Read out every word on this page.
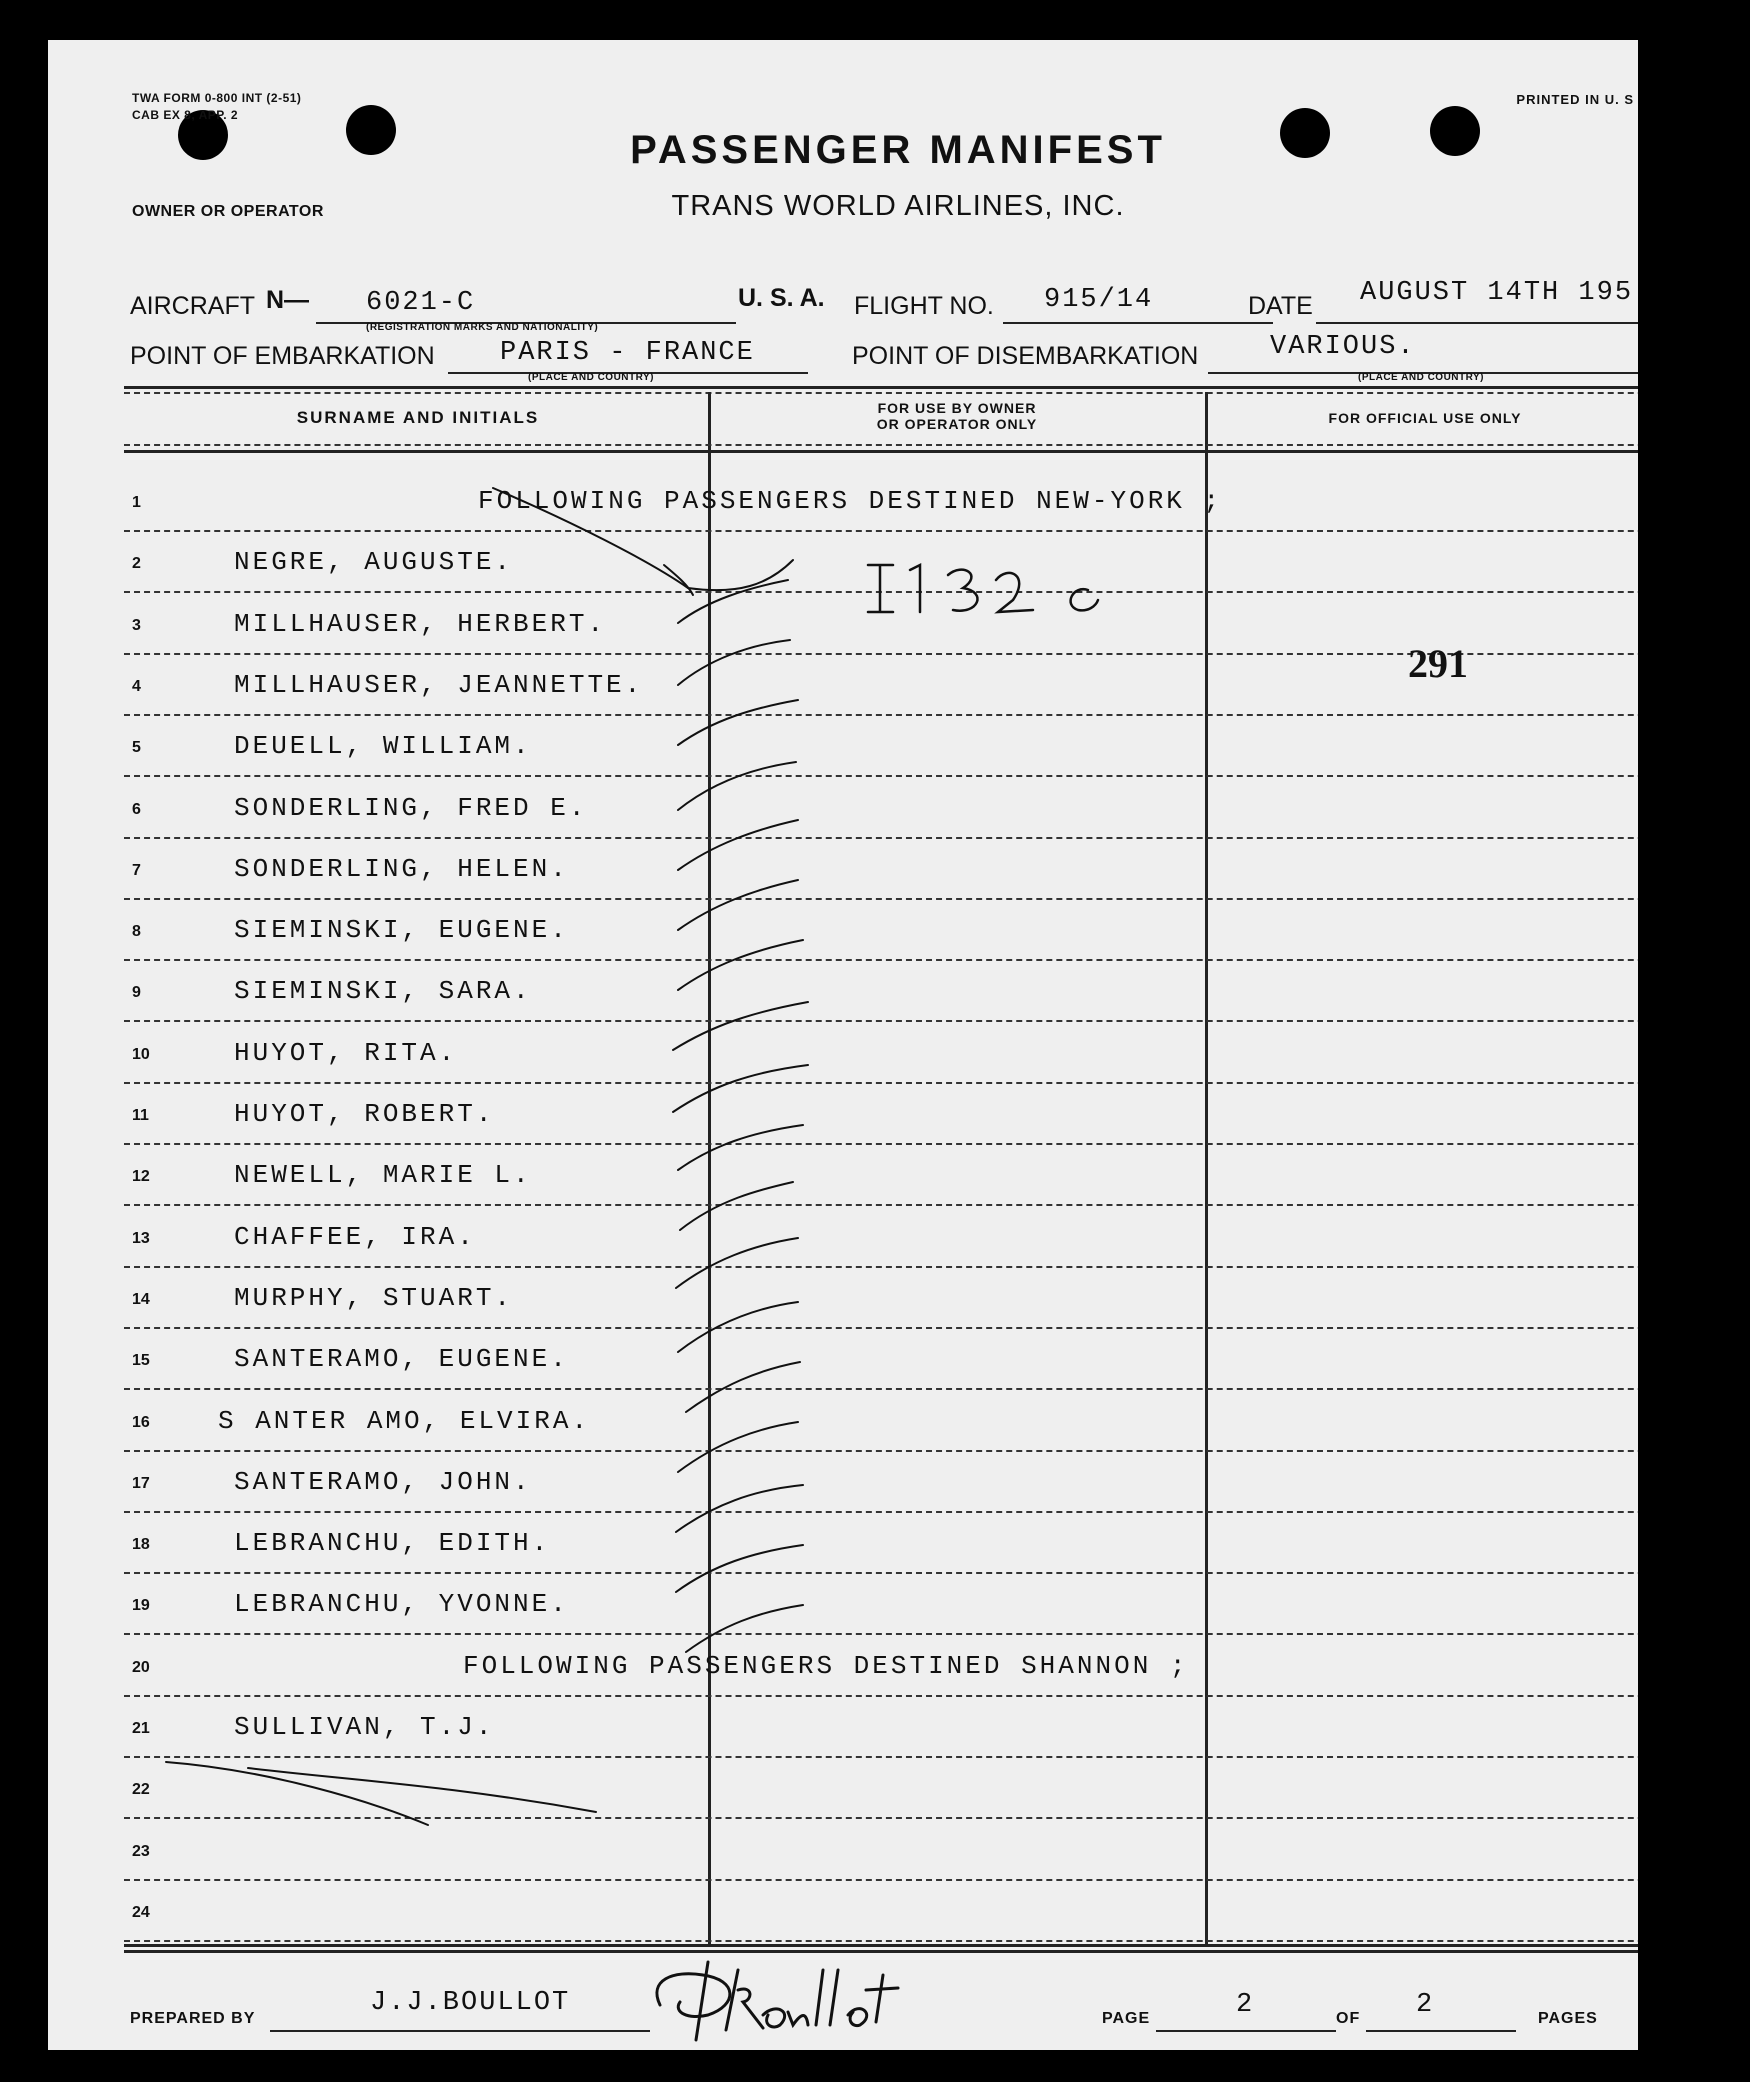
TWA FORM 0-800 INT (2-51)
CAB EX 8, APP. 2
PRINTED IN U. S
OWNER OR OPERATOR
PASSENGER MANIFEST
TRANS WORLD AIRLINES, INC.
AIRCRAFT N— 6021-C
(REGISTRATION MARKS AND NATIONALITY)
U. S. A. FLIGHT NO. 915/14	DATE AUGUST 14TH 195
POINT OF EMBARKATION PARIS - FRANCE
(PLACE AND COUNTRY)
POINT OF DISEMBARKATION	VARIOUS.
(PLACE AND COUNTRY)
SURNAME AND INITIALS	FOR USE BY OWNER
OR OPERATOR ONLY	FOR OFFICIAL USE ONLY
1	FOLLOWING PASSENGERS DESTINED NEW-YORK ;
2	NEGRE, AUGUSTE.
3	MILLHAUSER, HERBERT.
4	MILLHAUSER, JEANNETTE.
5	DEUELL, WILLIAM.
6	SONDERLING, FRED E.
7	SONDERLING, HELEN.
8	SIEMINSKI, EUGENE.
9	SIEMINSKI, SARA.
10	HUYOT, RITA.
11	HUYOT, ROBERT.
12	NEWELL, MARIE L.
13	CHAFFEE, IRA.
14	MURPHY, STUART.
15	SANTERAMO, EUGENE.
16	S ANTER AMO, ELVIRA.
17	SANTERAMO, JOHN.
18	LEBRANCHU, EDITH.
19	LEBRANCHU, YVONNE.
20	FOLLOWING PASSENGERS DESTINED SHANNON ;
21	SULLIVAN, T.J.
22
23
24
291
PREPARED BY
J.J.BOULLOT
PAGE	2	OF 2	PAGES
